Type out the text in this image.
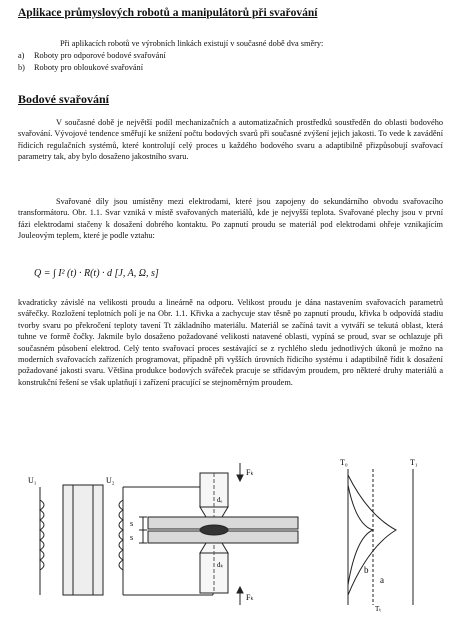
Aplikace průmyslových robotů a manipulátorů při svařování
Při aplikacích robotů ve výrobních linkách existují v současné době dva směry:
a)	Roboty pro odporové bodové svařování
b)	Roboty pro obloukové svařování
Bodové svařování
V současné době je největší podíl mechanizačních a automatizačních prostředků soustředěn do oblasti bodového svařování. Vývojové tendence směřují ke snížení počtu bodových svarů při současné zvýšení jejich jakosti. To vede k zavádění řídicích regulačních systémů, které kontrolují celý proces u každého bodového svaru a adaptibilně přizpůsobují svařovací parametry tak, aby bylo dosaženo jakostního svaru.
Svařované díly jsou umístěny mezi elektrodami, které jsou zapojeny do sekundárního obvodu svařovacího transformátoru. Obr. 1.1. Svar vzniká v místě svařovaných materiálů, kde je nejvyšší teplota. Svařované plechy jsou v první fázi elektrodami stačeny k dosažení dobrého kontaktu. Po zapnutí proudu se materiál pod elektrodami ohřeje vznikajícím Jouleovým teplem, které je podle vztahu:
Q = ∫ I² (t) · R(t) · d [J, A, Ω, s]
kvadraticky závislé na velikosti proudu a lineárně na odporu. Velikost proudu je dána nastavením svařovacích parametrů svářečky. Rozložení teplotních polí je na Obr. 1.1. Křivka a zachycuje stav těsně po zapnutí proudu, křivka b odpovídá stadiu tvorby svaru po překročení teploty tavení Tt základního materiálu. Materiál se začíná tavit a vytváří se tekutá oblast, která tuhne ve formě čočky. Jakmile bylo dosaženo požadované velikosti natavené oblasti, vypíná se proud, svar se ochlazuje při současném působení elektrod. Celý tento svařovací proces sestávající se z rychlého sledu jednotlivých úkonů je možno na moderních svařovacích zařízeních programovat, případně při vyšších úrovních řídicího systému i adaptibilně řídit k dosažení požadované jakosti svaru. Většina produkce bodových svářeček pracuje se střídavým proudem, pro některé druhy materiálů a konstrukční řešení se však uplatňují i zařízení pracující se stejnoměrným proudem.
U₁	U₂
s
s
dₑ
dₖ
Fₖ
Fₖ
T₀	T₁
a
b
Tₜ
